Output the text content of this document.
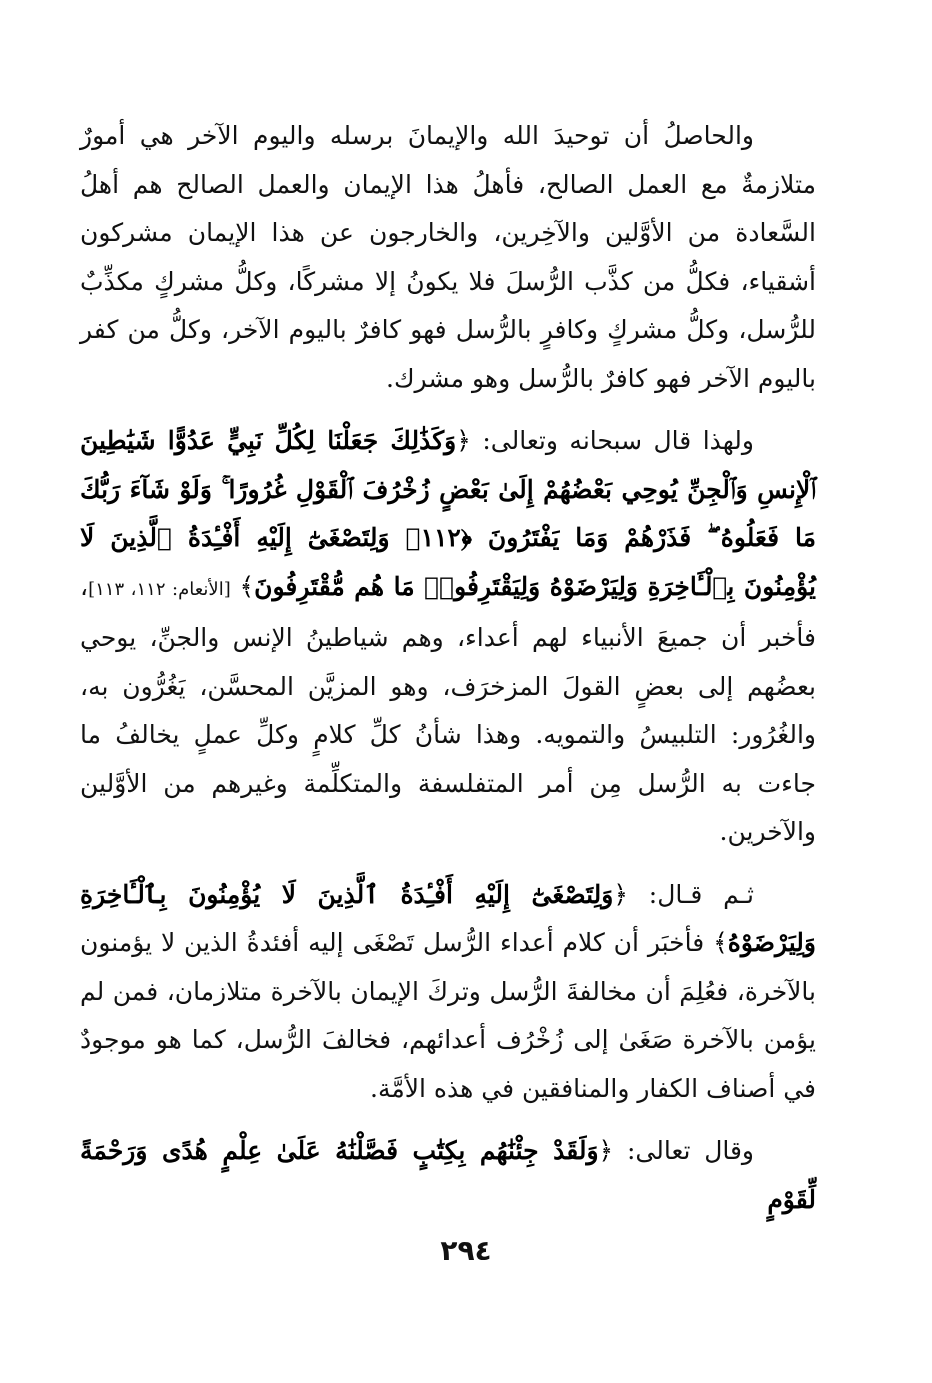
والحاصلُ أن توحيدَ الله والإيمانَ برسله واليوم الآخر هي أمورٌ متلازمةٌ مع العمل الصالح، فأهلُ هذا الإيمان والعمل الصالح هم أهلُ السَّعادة من الأوَّلين والآخِرين، والخارجون عن هذا الإيمان مشركون أشقياء، فكلُّ من كذَّب الرُّسلَ فلا يكونُ إلا مشركًا، وكلُّ مشركٍ مكذِّبٌ للرُّسل، وكلُّ مشركٍ وكافرٍ بالرُّسل فهو كافرٌ باليوم الآخر، وكلُّ من كفر باليوم الآخر فهو كافرٌ بالرُّسل وهو مشرك.

ولهذا قال سبحانه وتعالى: ﴿وَكَذَٰلِكَ جَعَلْنَا لِكُلِّ نَبِيٍّ عَدُوًّا شَيَٰطِينَ ٱلْإِنسِ وَٱلْجِنِّ يُوحِي بَعْضُهُمْ إِلَىٰ بَعْضٍ زُخْرُفَ ٱلْقَوْلِ غُرُورًا ۚ وَلَوْ شَآءَ رَبُّكَ مَا فَعَلُوهُ ۖ فَذَرْهُمْ وَمَا يَفْتَرُونَ ﴿١١٢﴾ وَلِتَصْغَىٰٓ إِلَيْهِ أَفْـِٔدَةُ ٱلَّذِينَ لَا يُؤْمِنُونَ بِٱلْـَٔاخِرَةِ وَلِيَرْضَوْهُ وَلِيَقْتَرِفُوا۟ مَا هُم مُّقْتَرِفُونَ﴾ [الأنعام: ١١٢، ١١٣]، فأخبر أن جميعَ الأنبياء لهم أعداء، وهم شياطينُ الإنس والجنِّ، يوحي بعضُهم إلى بعضٍ القولَ المزخرَف، وهو المزيَّن المحسَّن، يَغُرُّون به، والغُرُور: التلبيسُ والتمويه. وهذا شأنُ كلِّ كلامٍ وكلِّ عملٍ يخالفُ ما جاءت به الرُّسل مِن أمر المتفلسفة والمتكلِّمة وغيرهم من الأوَّلين والآخرين.

ثـم قـال: ﴿وَلِتَصْغَىٰٓ إِلَيْهِ أَفْـِٔدَةُ ٱلَّذِينَ لَا يُؤْمِنُونَ بِٱلْـَٔاخِرَةِ وَلِيَرْضَوْهُ﴾ فأخبَر أن كلام أعداء الرُّسل تَصْغَى إليه أفئدةُ الذين لا يؤمنون بالآخرة، فعُلِمَ أن مخالفةَ الرُّسل وتركَ الإيمان بالآخرة متلازمان، فمن لم يؤمن بالآخرة صَغَىٰ إلى زُخْرُف أعدائهم، فخالفَ الرُّسل، كما هو موجودٌ في أصناف الكفار والمنافقين في هذه الأمَّة.

وقال تعالى: ﴿وَلَقَدْ جِئْنَٰهُم بِكِتَٰبٍ فَصَّلْنَٰهُ عَلَىٰ عِلْمٍ هُدًى وَرَحْمَةً لِّقَوْمٍ

٢٩٤
